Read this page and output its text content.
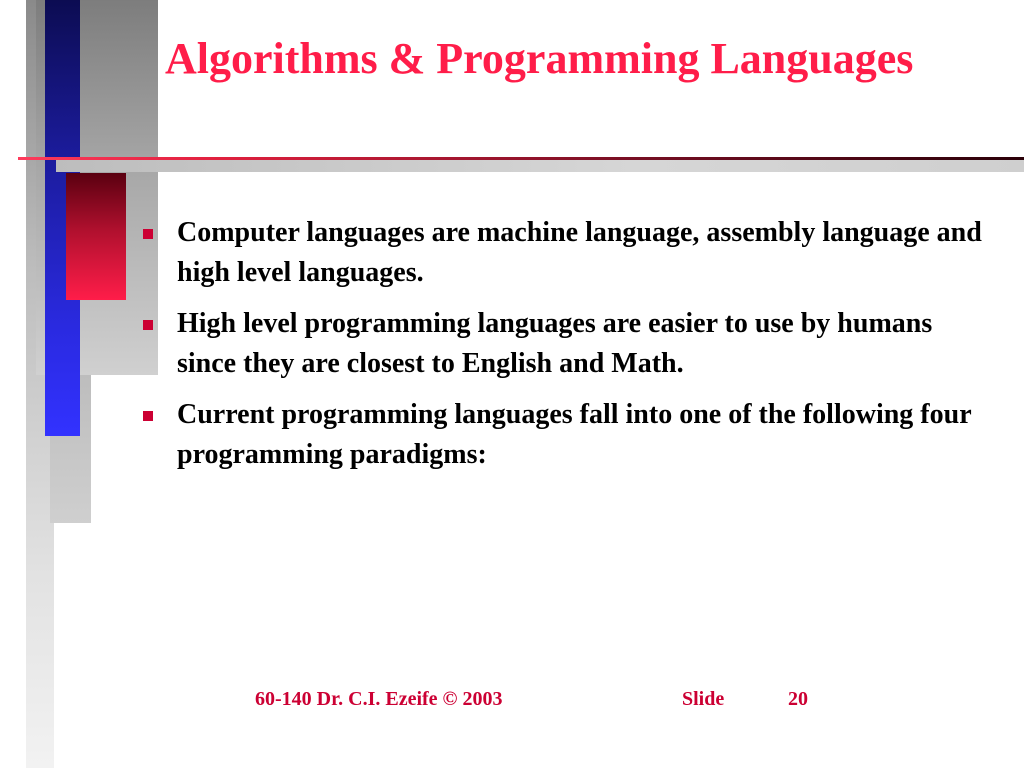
Algorithms & Programming Languages
Computer languages are machine language, assembly language and high level languages.
High level programming languages are easier to use by humans since they are closest to English and Math.
Current programming languages fall into one of the following four programming paradigms:
60-140 Dr. C.I. Ezeife © 2003	Slide	20
